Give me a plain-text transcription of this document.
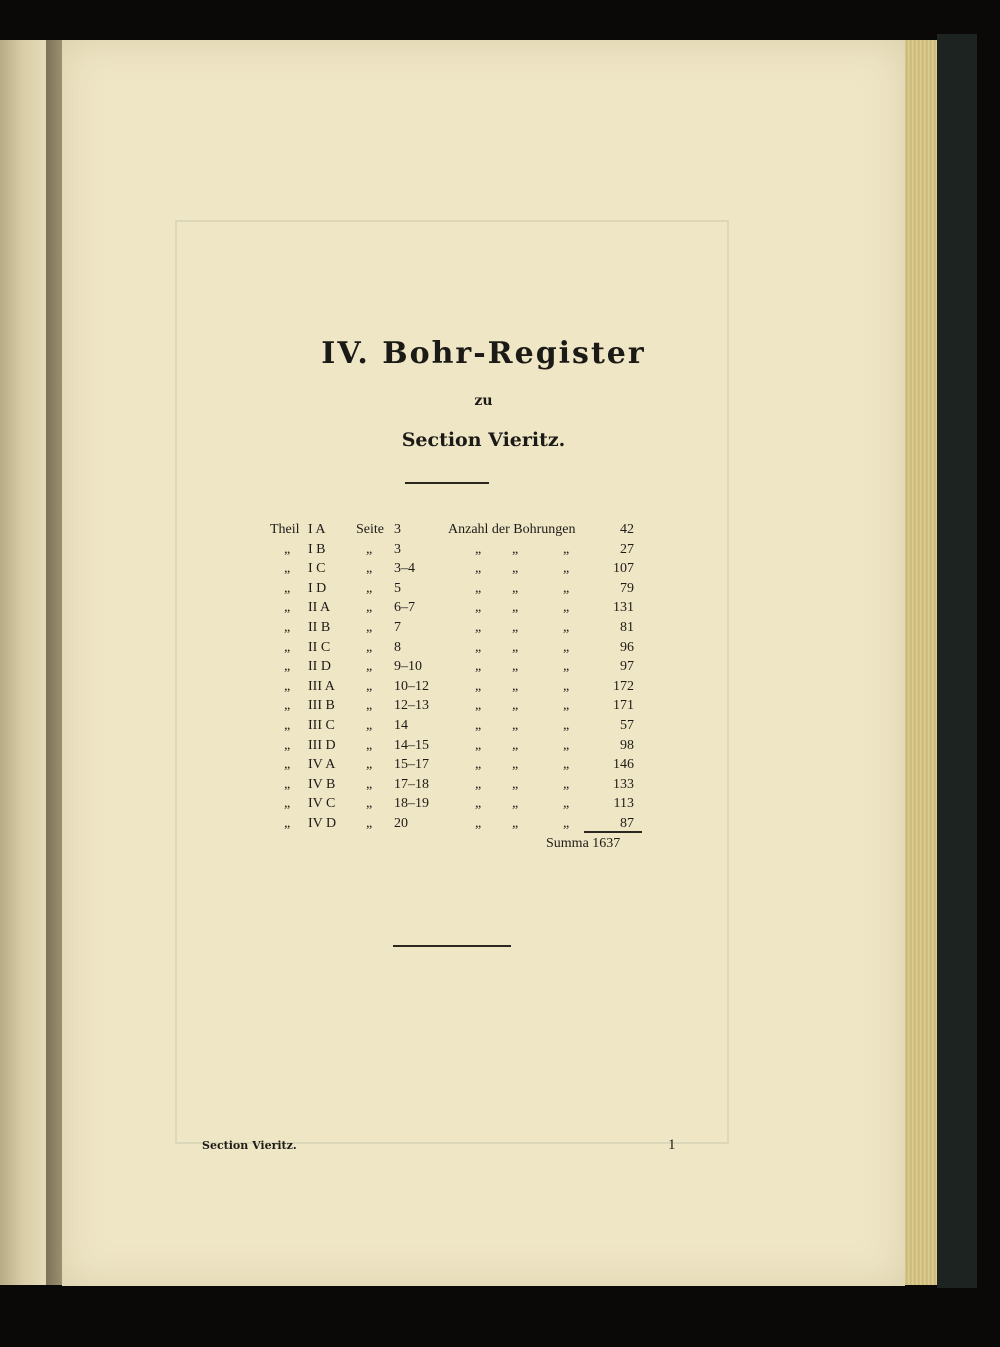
IV. Bohr-Register
zu
Section Vieritz.
Theil I A Seite 3	Anzahl der Bohrungen	42
„ I B	„ 3	„ „	„	27
„ I C	„ 3–4	„ „	„	107
„ I D	„ 5	„ „	„	79
„ II A	„ 6–7	„ „	„	131
„ II B	„ 7	„ „	„	81
„ II C	„ 8	„ „	„	96
„ II D	„ 9–10	„ „	„	97
„ III A „ 10–12	„ „	„	172
„ III B „ 12–13	„ „	„	171
„ III C „ 14	„ „	„	57
„ III D „ 14–15	„ „	„	98
„ IV A „ 15–17	„ „	„	146
„ IV B „ 17–18	„ „	„	133
„ IV C „ 18–19	„ „	„	113
„ IV D „ 20	„ „	„	87
Summa 1637
Section Vieritz.	1
